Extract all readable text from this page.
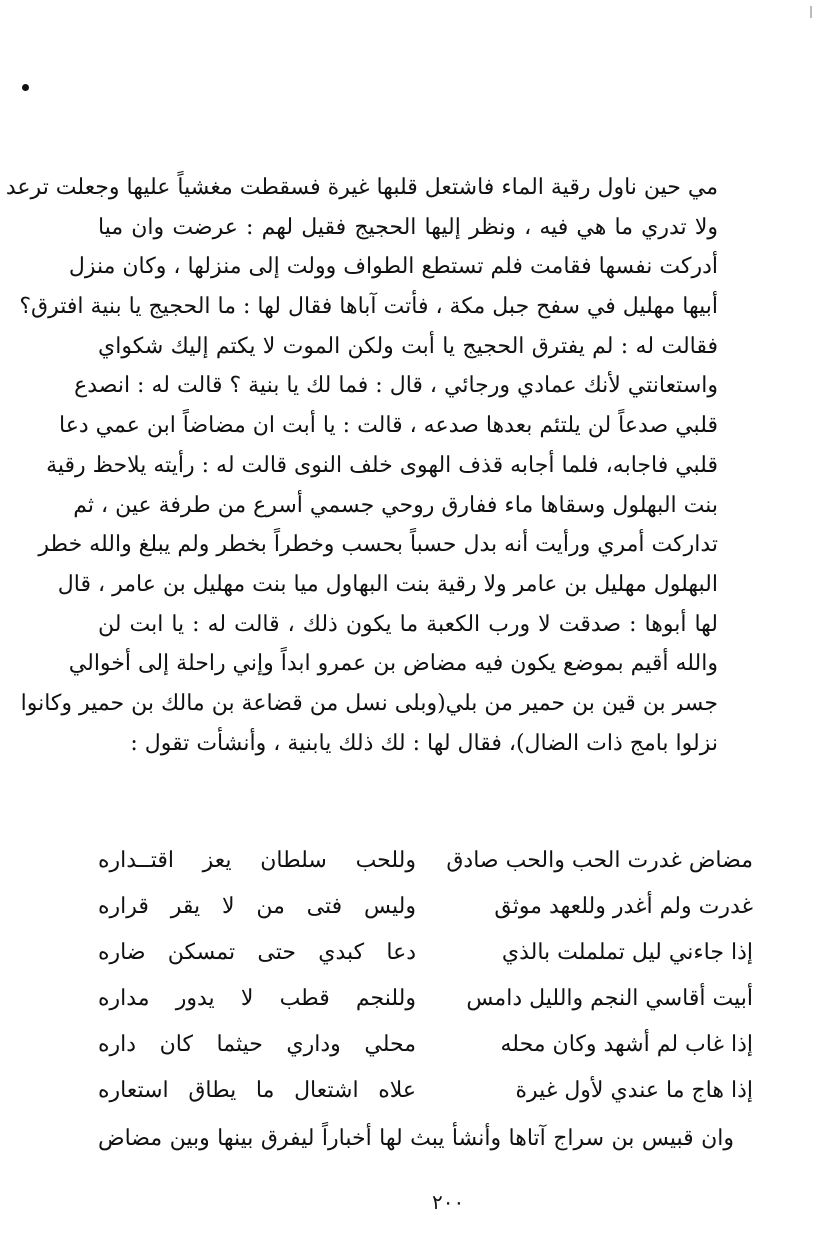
مي حين ناول رقية الماء فاشتعل قلبها غيرة فسقطت مغشياً عليها وجعلت ترعد
ولا تدري ما هي فيه ، ونظر إليها الحجيج فقيل لهم : عرضت وان ميا
أدركت نفسها فقامت فلم تستطع الطواف وولت إلى منزلها ، وكان منزل
أبيها مهليل في سفح جبل مكة ، فأتت آباها فقال لها : ما الحجيج يا بنية افترق؟
فقالت له : لم يفترق الحجيج يا أبت ولكن الموت لا يكتم إليك شكواي
واستعانتي لأنك عمادي ورجائي ، قال : فما لك يا بنية ؟ قالت له : انصدع
قلبي صدعاً لن يلتئم بعدها صدعه ، قالت : يا أبت ان مضاضاً ابن عمي دعا
قلبي فاجابه، فلما أجابه قذف الهوى خلف النوى قالت له : رأيته يلاحظ رقية
بنت البهلول وسقاها ماء ففارق روحي جسمي أسرع من طرفة عين ، ثم
تداركت أمري ورأيت أنه بدل حسباً بحسب وخطراً بخطر ولم يبلغ والله خطر
البهلول مهليل بن عامر ولا رقية بنت البهاول ميا بنت مهليل بن عامر ، قال
لها أبوها : صدقت لا ورب الكعبة ما يكون ذلك ، قالت له : يا ابت لن
والله أقيم بموضع يكون فيه مضاض بن عمرو ابداً وإني راحلة إلى أخوالي
جسر بن قين بن حمير من بلي(وبلى نسل من قضاعة بن مالك بن حمير وكانوا
نزلوا بامج ذات الضال)، فقال لها : لك ذلك يابنية ، وأنشأت تقول :
مضاض غدرت الحب والحب صادق
وللحب سلطان يعز اقتــداره
غدرت ولم أغدر وللعهد موثق
وليس فتى من لا يقر قراره
إذا جاءني ليل تململت بالذي
دعا كبدي حتى تمسكن ضاره
أبيت أقاسي النجم والليل دامس
وللنجم قطب لا يدور مداره
إذا غاب لم أشهد وكان محله
محلي وداري حيثما كان داره
إذا هاج ما عندي لأول غيرة
علاه اشتعال ما يطاق استعاره
وان قبيس بن سراج آتاها وأنشأ يبث لها أخباراً ليفرق بينها وبين مضاض
٢٠٠
